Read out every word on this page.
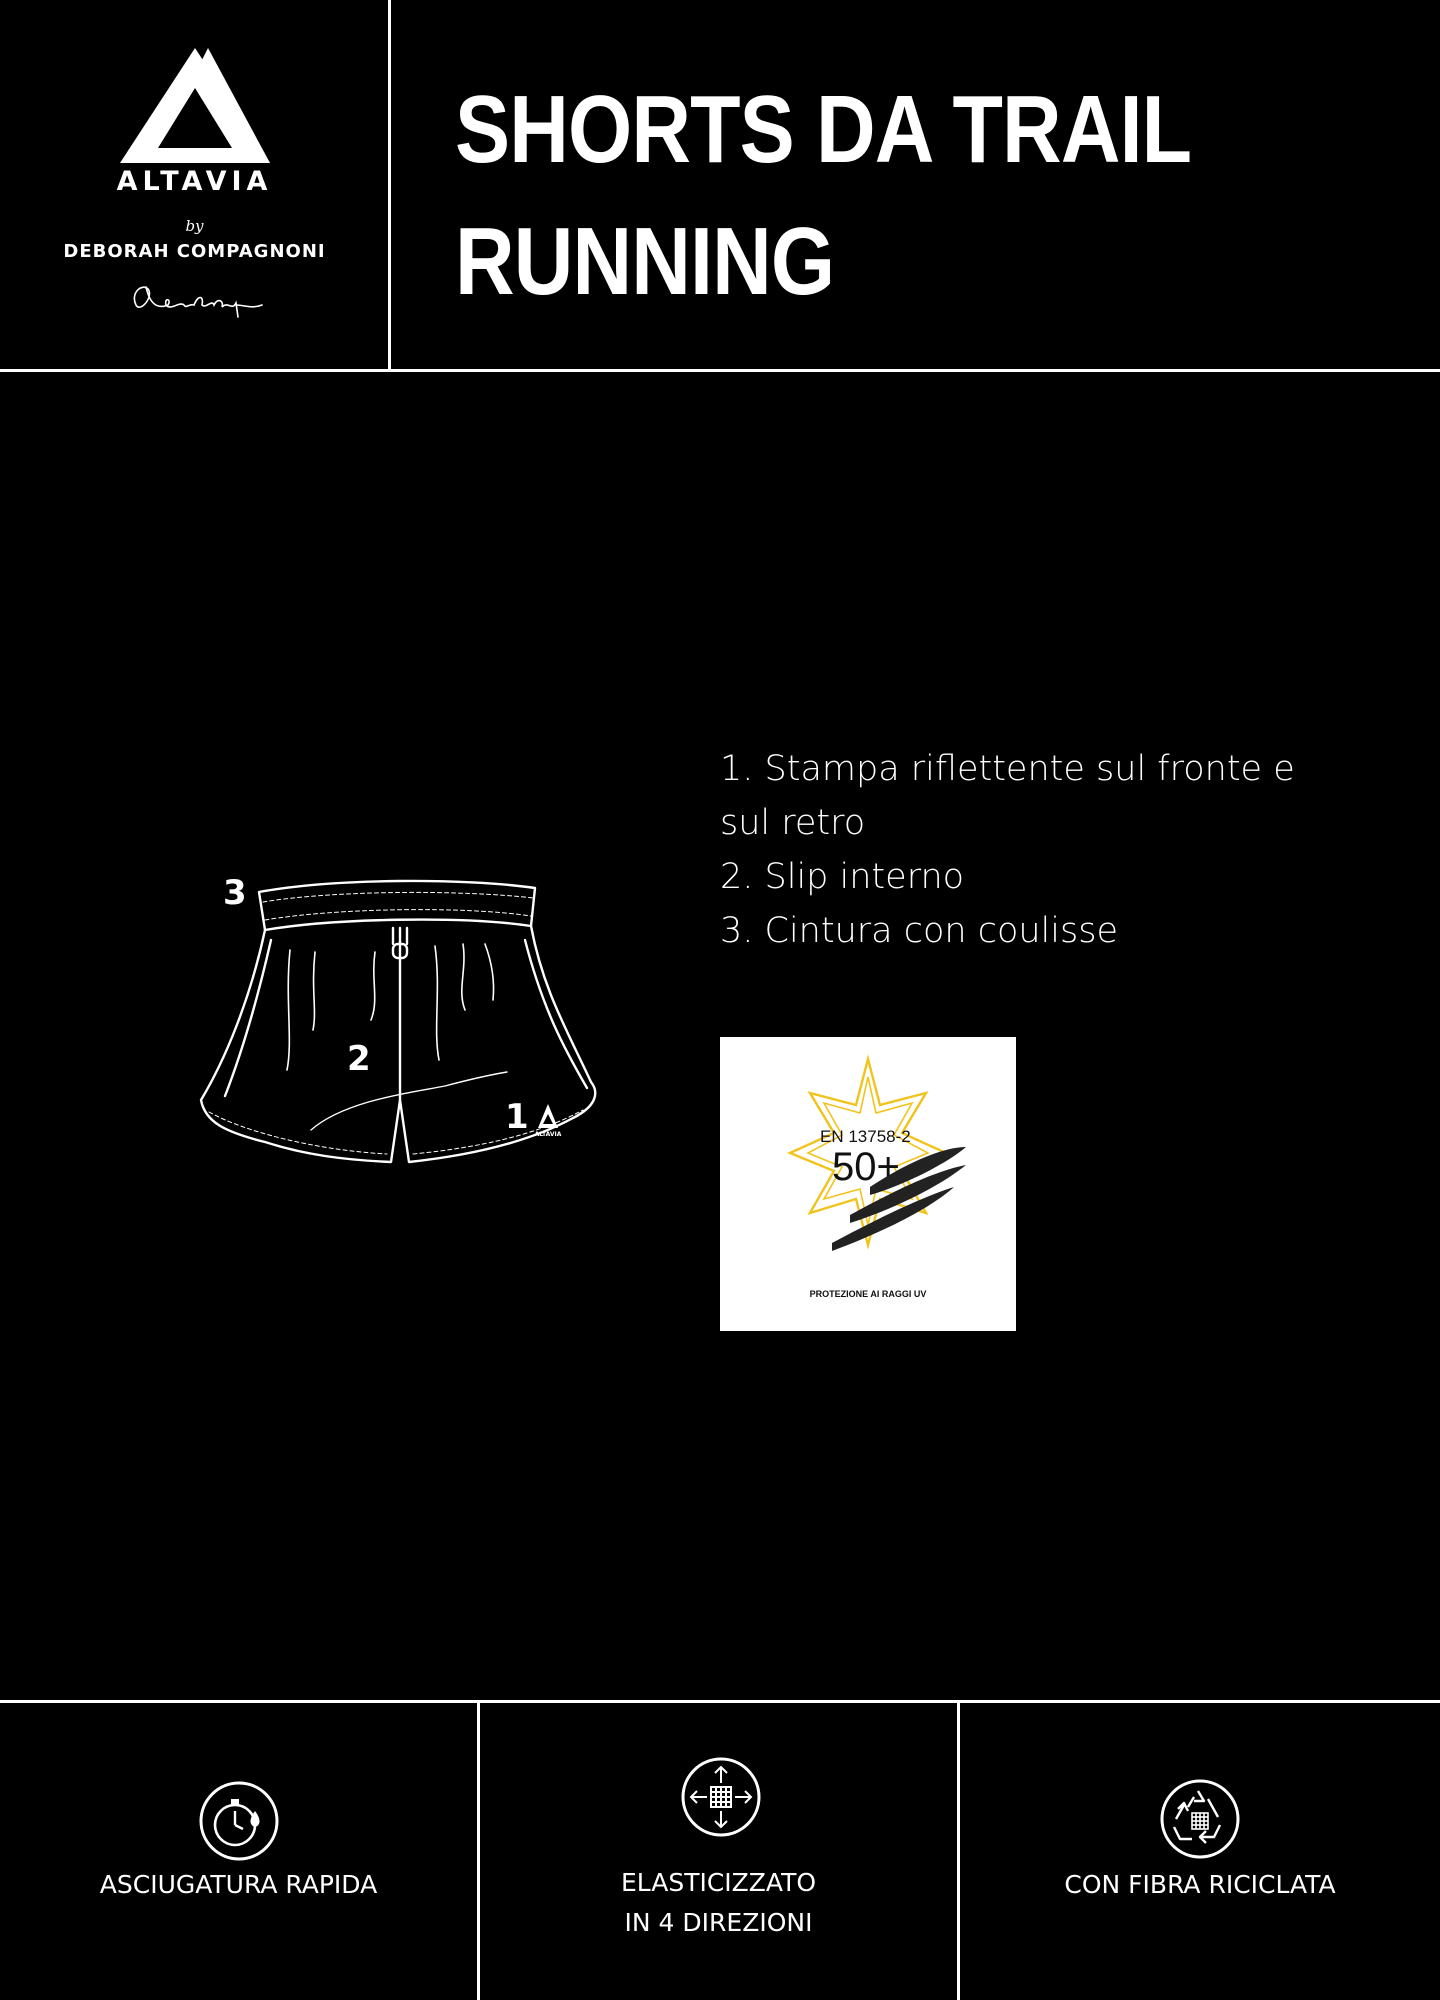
ALTAVIA
by
DEBORAH COMPAGNONI
SHORTS DA TRAIL
RUNNING
ALTAVIA
3
2
1
1. Stampa riflettente sul fronte e
sul retro
2. Slip interno
3. Cintura con coulisse
EN 13758-2
50+
PROTEZIONE AI RAGGI UV
ASCIUGATURA RAPIDA	ELASTICIZZATO
IN 4 DIREZIONI
CON FIBRA RICICLATA
